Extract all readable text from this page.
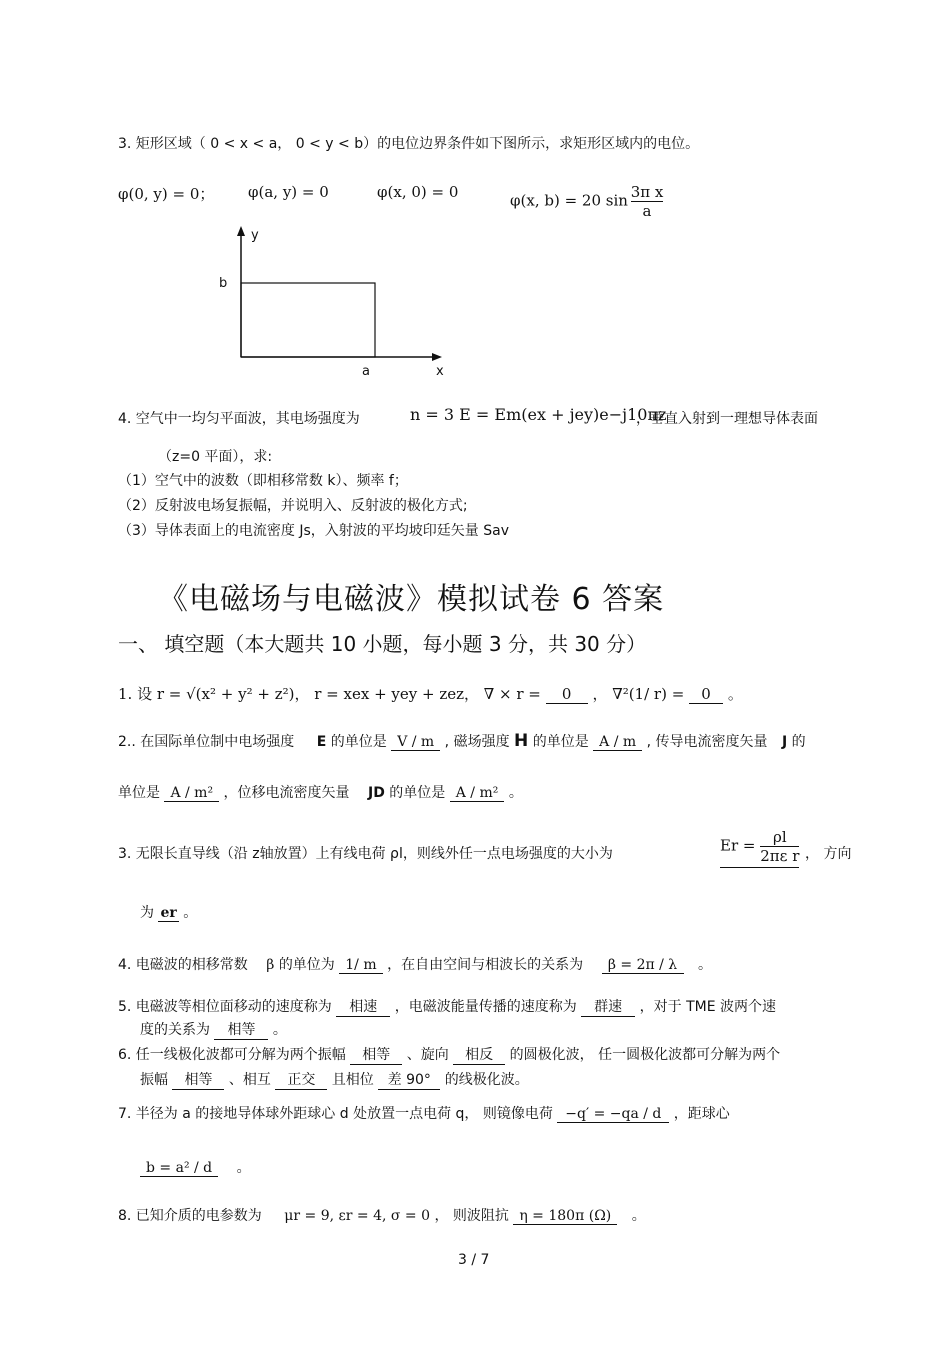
3. 矩形区域（ 0 < x < a， 0 < y < b）的电位边界条件如下图所示，求矩形区域内的电位。
φ(0, y) = 0； φ(a, y) = 0	φ(x, 0) = 0	φ(x, b) = 20 $\sin \frac{\text{3π x}}{a}$
y
x
b
a
4. 空气中一均匀平面波，其电场强度为	n = 3 E = Em(ex + jey)e−j10πz
，垂直入射到一理想导体表面
（z=0 平面），求:
（1）空气中的波数（即相移常数 k）、频率 f；
（2）反射波电场复振幅，并说明入、反射波的极化方式;
（3）导体表面上的电流密度 Js，入射波的平均坡印廷矢量 Sav
《电磁场与电磁波》模拟试卷 6 答案
一、 填空题（本大题共 10 小题，每小题 3 分，共 30 分）
1. 设 r = √(x² + y² + z²)， r = xex + yey + zez， ∇ × r = 0 ， ∇²(1/ r) = 0 。
2.. 在国际单位制中电场强度 E 的单位是 V / m , 磁场强度 H 的单位是 A / m , 传导电流密度矢量 J 的
单位是 A / m² ，位移电流密度矢量 JD 的单位是 A / m² 。
3. 无限长直导线（沿 z轴放置）上有线电荷 ρl，则线外任一点电场强度的大小为	$Er = \frac{\rho l}{\text{2πε r}}$ ， 方向
为 er 。
4. 电磁波的相移常数 β 的单位为 1/ m ，在自由空间与相波长的关系为 β = 2π / λ 。
5. 电磁波等相位面移动的速度称为 相速 ，电磁波能量传播的速度称为 群速 ，对于 TME 波两个速
度的关系为 相等 。
6. 任一线极化波都可分解为两个振幅 相等 、旋向 相反 的圆极化波， 任一圆极化波都可分解为两个
振幅 相等 、相互 正交 且相位 差 90° 的线极化波。
7. 半径为 a 的接地导体球外距球心 d 处放置一点电荷 q， 则镜像电荷 −q′ = −qa / d ，距球心
b = a² / d 。
8. 已知介质的电参数为 μr = 9, εr = 4, σ = 0 ， 则波阻抗 η = 180π (Ω) 。
3 / 7
